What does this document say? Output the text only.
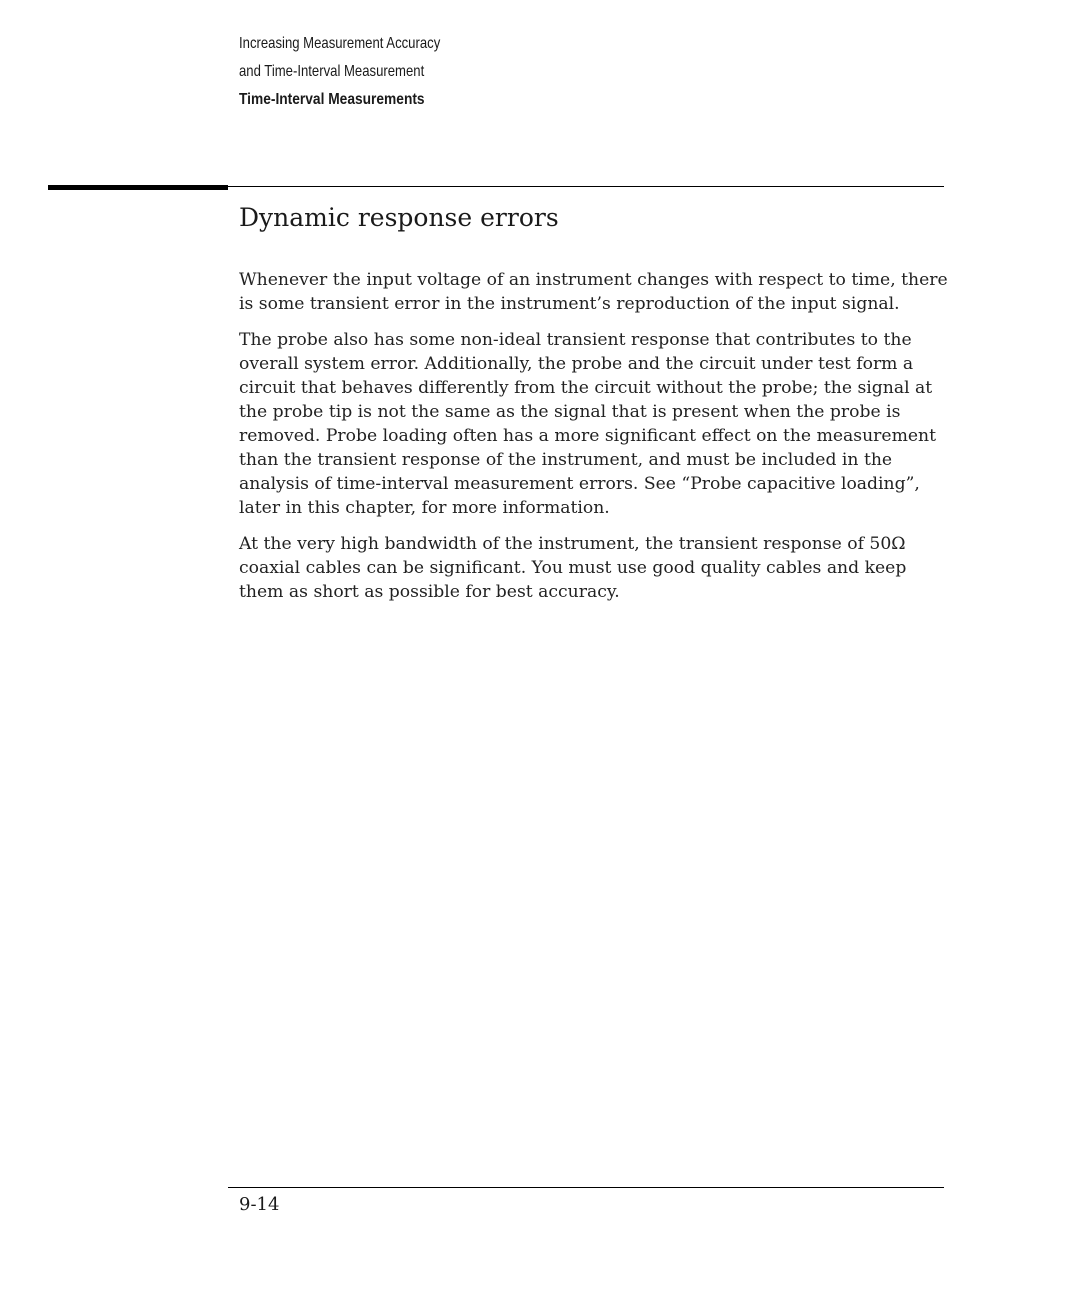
Increasing Measurement Accuracy
and Time-Interval Measurement
Time-Interval Measurements
Dynamic response errors

Whenever the input voltage of an instrument changes with respect to time, there is some transient error in the instrument’s reproduction of the input signal.

The probe also has some non-ideal transient response that contributes to the overall system error. Additionally, the probe and the circuit under test form a circuit that behaves differently from the circuit without the probe; the signal at the probe tip is not the same as the signal that is present when the probe is removed. Probe loading often has a more significant effect on the measurement than the transient response of the instrument, and must be included in the analysis of time-interval measurement errors. See “Probe capacitive loading”, later in this chapter, for more information.

At the very high bandwidth of the instrument, the transient response of 50Ω coaxial cables can be significant. You must use good quality cables and keep them as short as possible for best accuracy.

9-14
